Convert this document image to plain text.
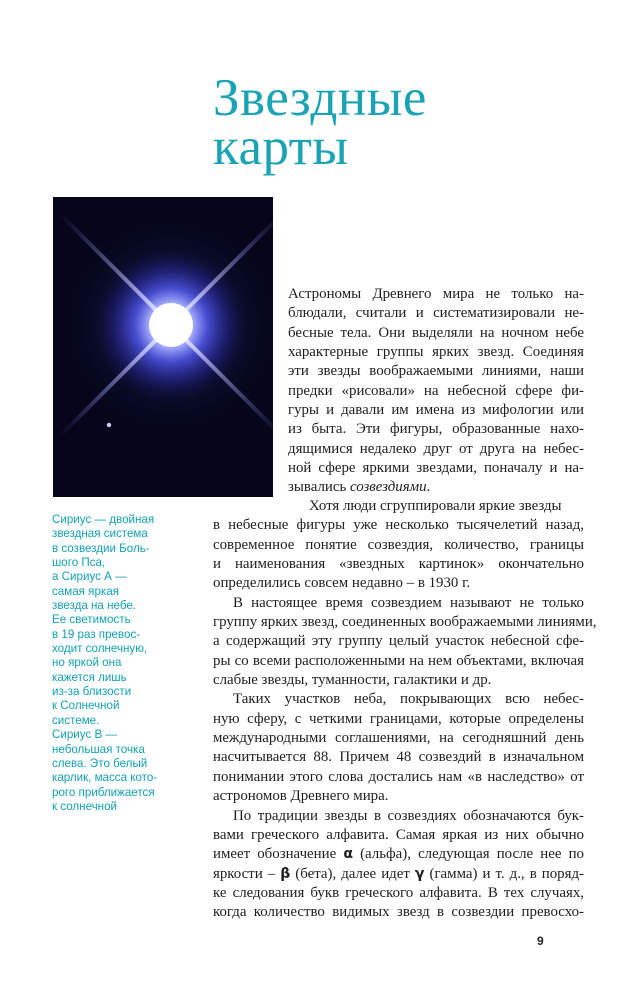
Звездные
карты
Сириус — двойная
звездная система
в созвездии Боль-
шого Пса,
а Сириус А —
самая яркая
звезда на небе.
Ее светимость
в 19 раз превос-
ходит солнечную,
но яркой она
кажется лишь
из-за близости
к Солнечной
системе.
Сириус В —
небольшая точка
слева. Это белый
карлик, масса кото-
рого приближается
к солнечной
Астрономы Древнего мира не только на-
блюдали, считали и систематизировали не-
бесные тела. Они выделяли на ночном небе
характерные группы ярких звезд. Соединяя
эти звезды воображаемыми линиями, наши
предки «рисовали» на небесной сфере фи-
гуры и давали им имена из мифологии или
из быта. Эти фигуры, образованные нахо-
дящимися недалеко друг от друга на небес-
ной сфере яркими звездами, поначалу и на-
зывались созвездиями.
Хотя люди сгруппировали яркие звезды
в небесные фигуры уже несколько тысячелетий назад,
современное понятие созвездия, количество, границы
и наименования «звездных картинок» окончательно
определились совсем недавно – в 1930 г.
В настоящее время созвездием называют не только
группу ярких звезд, соединенных воображаемыми линиями,
а содержащий эту группу целый участок небесной сфе-
ры со всеми расположенными на нем объектами, включая
слабые звезды, туманности, галактики и др.
Таких участков неба, покрывающих всю небес-
ную сферу, с четкими границами, которые определены
международными соглашениями, на сегодняшний день
насчитывается 88. Причем 48 созвездий в изначальном
понимании этого слова достались нам «в наследство» от
астрономов Древнего мира.
По традиции звезды в созвездиях обозначаются бук-
вами греческого алфавита. Самая яркая из них обычно
имеет обозначение α (альфа), следующая после нее по
яркости – β (бета), далее идет γ (гамма) и т. д., в поряд-
ке следования букв греческого алфавита. В тех случаях,
когда количество видимых звезд в созвездии превосхо-
9
